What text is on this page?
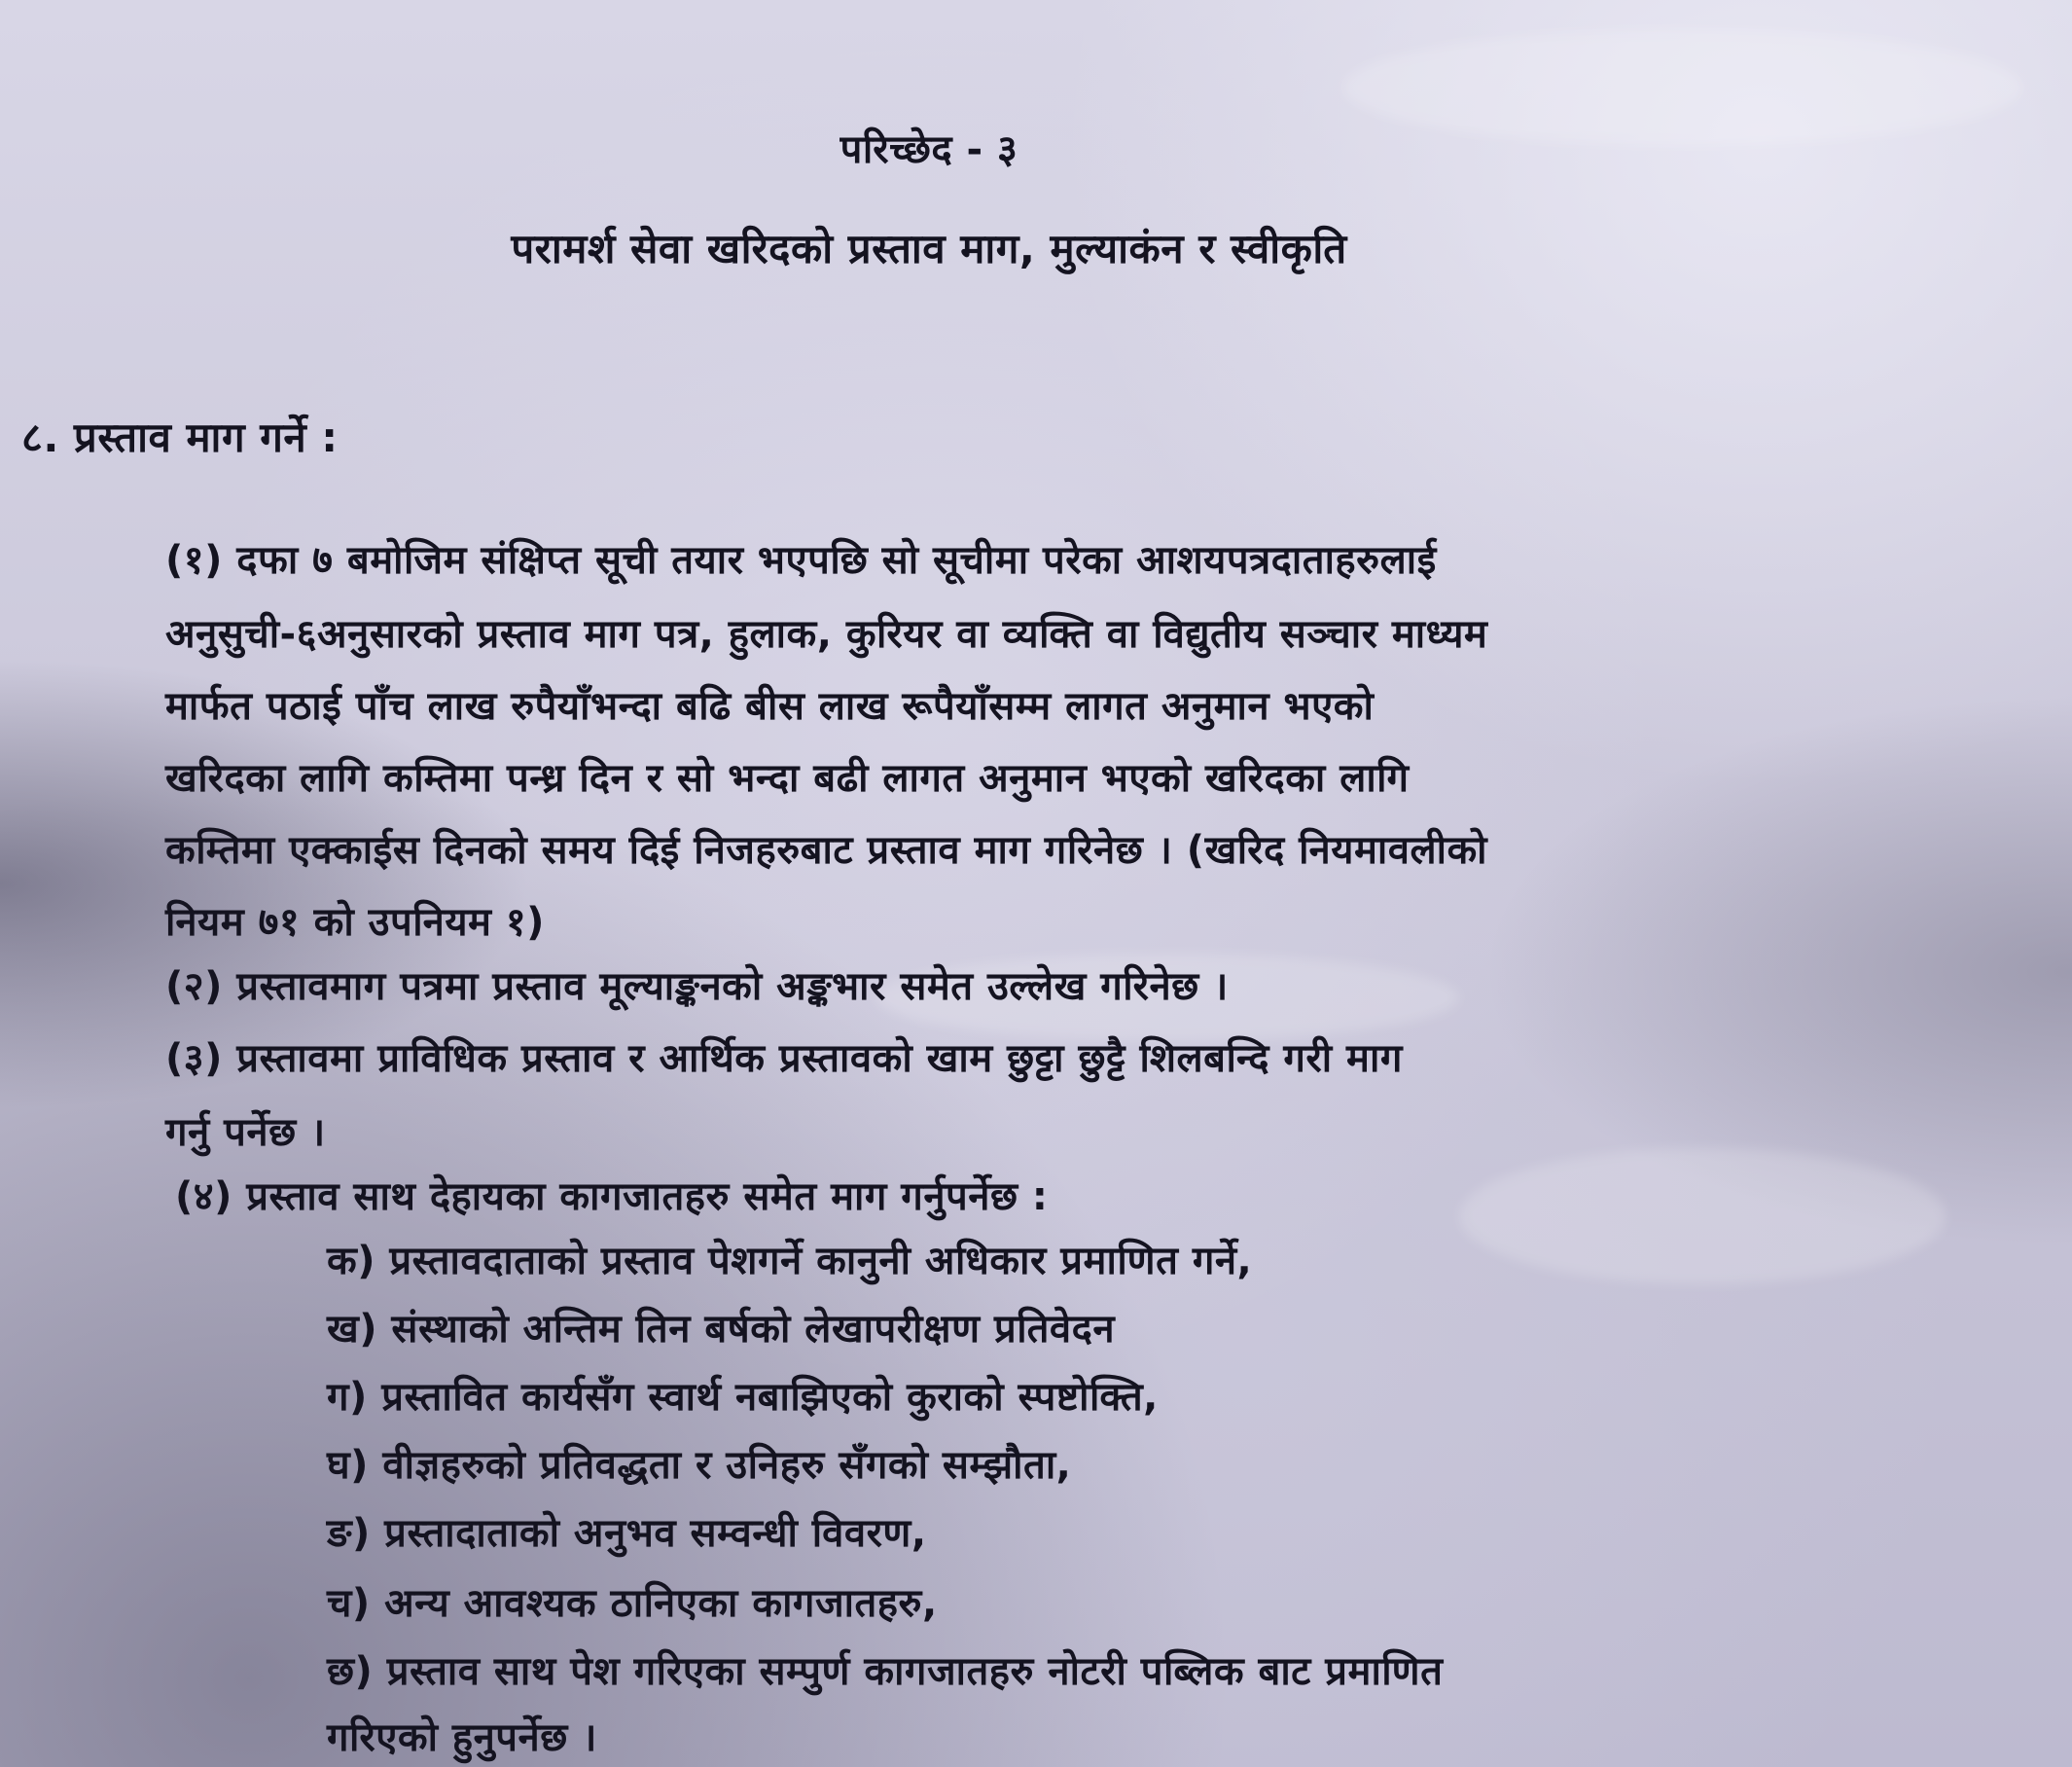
परिच्छेद - ३
परामर्श सेवा खरिदको प्रस्ताव माग, मुल्याकंन र स्वीकृति
८. प्रस्ताव माग गर्ने :
(१) दफा ७ बमोजिम संक्षिप्त सूची तयार भएपछि सो सूचीमा परेका आशयपत्रदाताहरुलाई
अनुसुची-६अनुसारको प्रस्ताव माग पत्र, हुलाक, कुरियर वा व्यक्ति वा विद्युतीय सञ्चार माध्यम
मार्फत पठाई पाँच लाख रुपैयाँभन्दा बढि बीस लाख रूपैयाँसम्म लागत अनुमान भएको
खरिदका लागि कम्तिमा पन्ध्र दिन र सो भन्दा बढी लागत अनुमान भएको खरिदका लागि
कम्तिमा एक्काईस दिनको समय दिई निजहरुबाट प्रस्ताव माग गरिनेछ । (खरिद नियमावलीको
नियम ७१ को उपनियम १)
(२) प्रस्तावमाग पत्रमा प्रस्ताव मूल्याङ्कनको अङ्कभार समेत उल्लेख गरिनेछ ।
(३) प्रस्तावमा प्राविधिक प्रस्ताव र आर्थिक प्रस्तावको खाम छुट्टा छुट्टै शिलबन्दि गरी माग
गर्नु पर्नेछ ।
(४) प्रस्ताव साथ देहायका कागजातहरु समेत माग गर्नुपर्नेछ :
क) प्रस्तावदाताको प्रस्ताव पेशगर्ने कानुनी अधिकार प्रमाणित गर्ने,
ख) संस्थाको अन्तिम तिन बर्षको लेखापरीक्षण प्रतिवेदन
ग) प्रस्तावित कार्यसँग स्वार्थ नबाझिएको कुराको स्पष्टोक्ति,
घ) वीज्ञहरुको प्रतिवद्धता र उनिहरु सँगको सम्झौता,
ङ) प्रस्तादाताको अनुभव सम्वन्धी विवरण,
च) अन्य आवश्यक ठानिएका कागजातहरु,
छ) प्रस्ताव साथ पेश गरिएका सम्पुर्ण कागजातहरु नोटरी पब्लिक बाट प्रमाणित
गरिएको हुनुपर्नेछ ।
